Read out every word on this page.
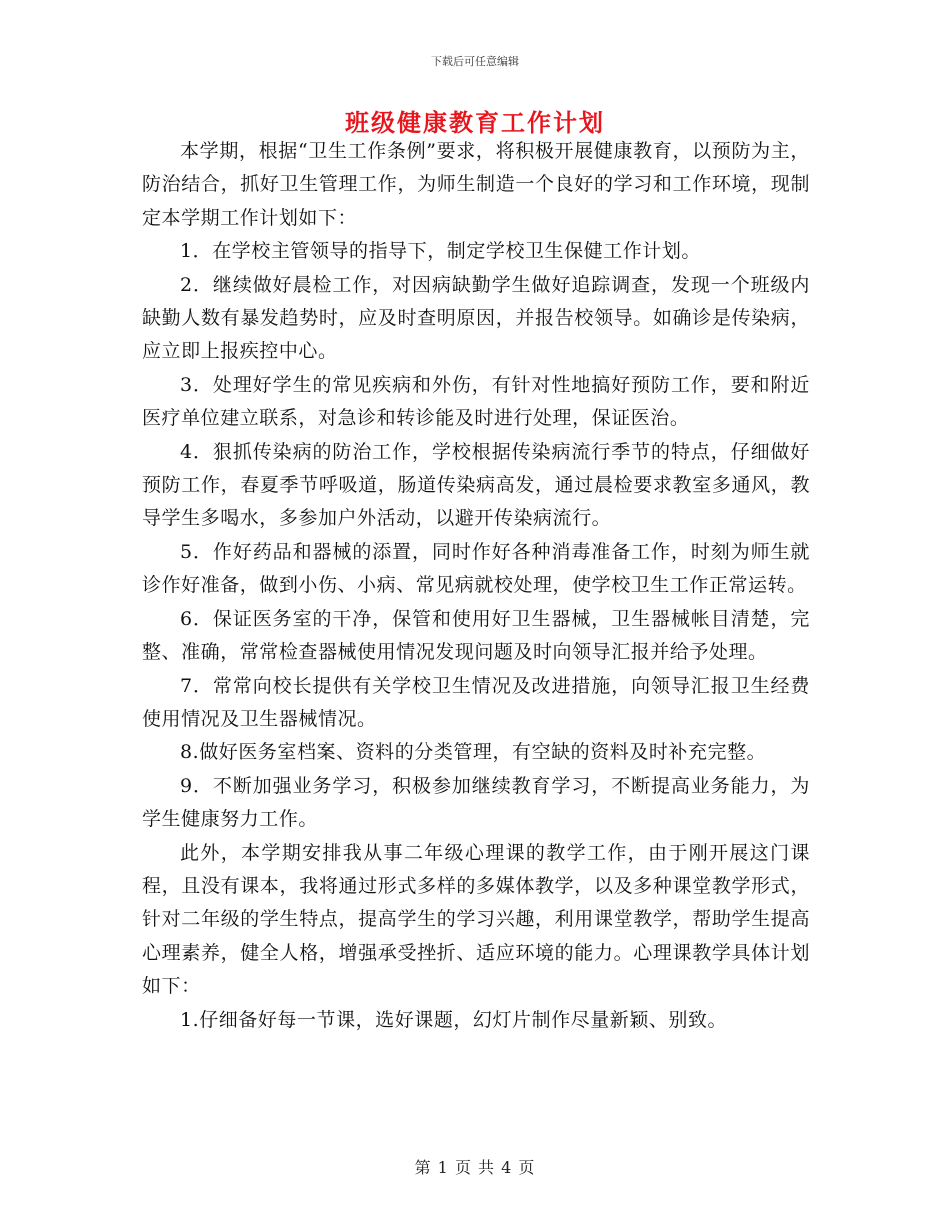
下载后可任意编辑
班级健康教育工作计划

本学期，根据“卫生工作条例”要求，将积极开展健康教育，以预防为主，防治结合，抓好卫生管理工作，为师生制造一个良好的学习和工作环境，现制定本学期工作计划如下：

1．在学校主管领导的指导下，制定学校卫生保健工作计划。

2．继续做好晨检工作，对因病缺勤学生做好追踪调查，发现一个班级内缺勤人数有暴发趋势时，应及时查明原因，并报告校领导。如确诊是传染病，应立即上报疾控中心。

3．处理好学生的常见疾病和外伤，有针对性地搞好预防工作，要和附近医疗单位建立联系，对急诊和转诊能及时进行处理，保证医治。

4．狠抓传染病的防治工作，学校根据传染病流行季节的特点，仔细做好预防工作，春夏季节呼吸道，肠道传染病高发，通过晨检要求教室多通风，教导学生多喝水，多参加户外活动，以避开传染病流行。

5．作好药品和器械的添置，同时作好各种消毒准备工作，时刻为师生就诊作好准备，做到小伤、小病、常见病就校处理，使学校卫生工作正常运转。

6．保证医务室的干净，保管和使用好卫生器械，卫生器械帐目清楚，完整、准确，常常检查器械使用情况发现问题及时向领导汇报并给予处理。

7．常常向校长提供有关学校卫生情况及改进措施，向领导汇报卫生经费使用情况及卫生器械情况。

8.做好医务室档案、资料的分类管理，有空缺的资料及时补充完整。

9．不断加强业务学习，积极参加继续教育学习，不断提高业务能力，为学生健康努力工作。

此外，本学期安排我从事二年级心理课的教学工作，由于刚开展这门课程，且没有课本，我将通过形式多样的多媒体教学，以及多种课堂教学形式，针对二年级的学生特点，提高学生的学习兴趣，利用课堂教学，帮助学生提高心理素养，健全人格，增强承受挫折、适应环境的能力。心理课教学具体计划如下：

1.仔细备好每一节课，选好课题，幻灯片制作尽量新颖、别致。

第 1 页 共 4 页
